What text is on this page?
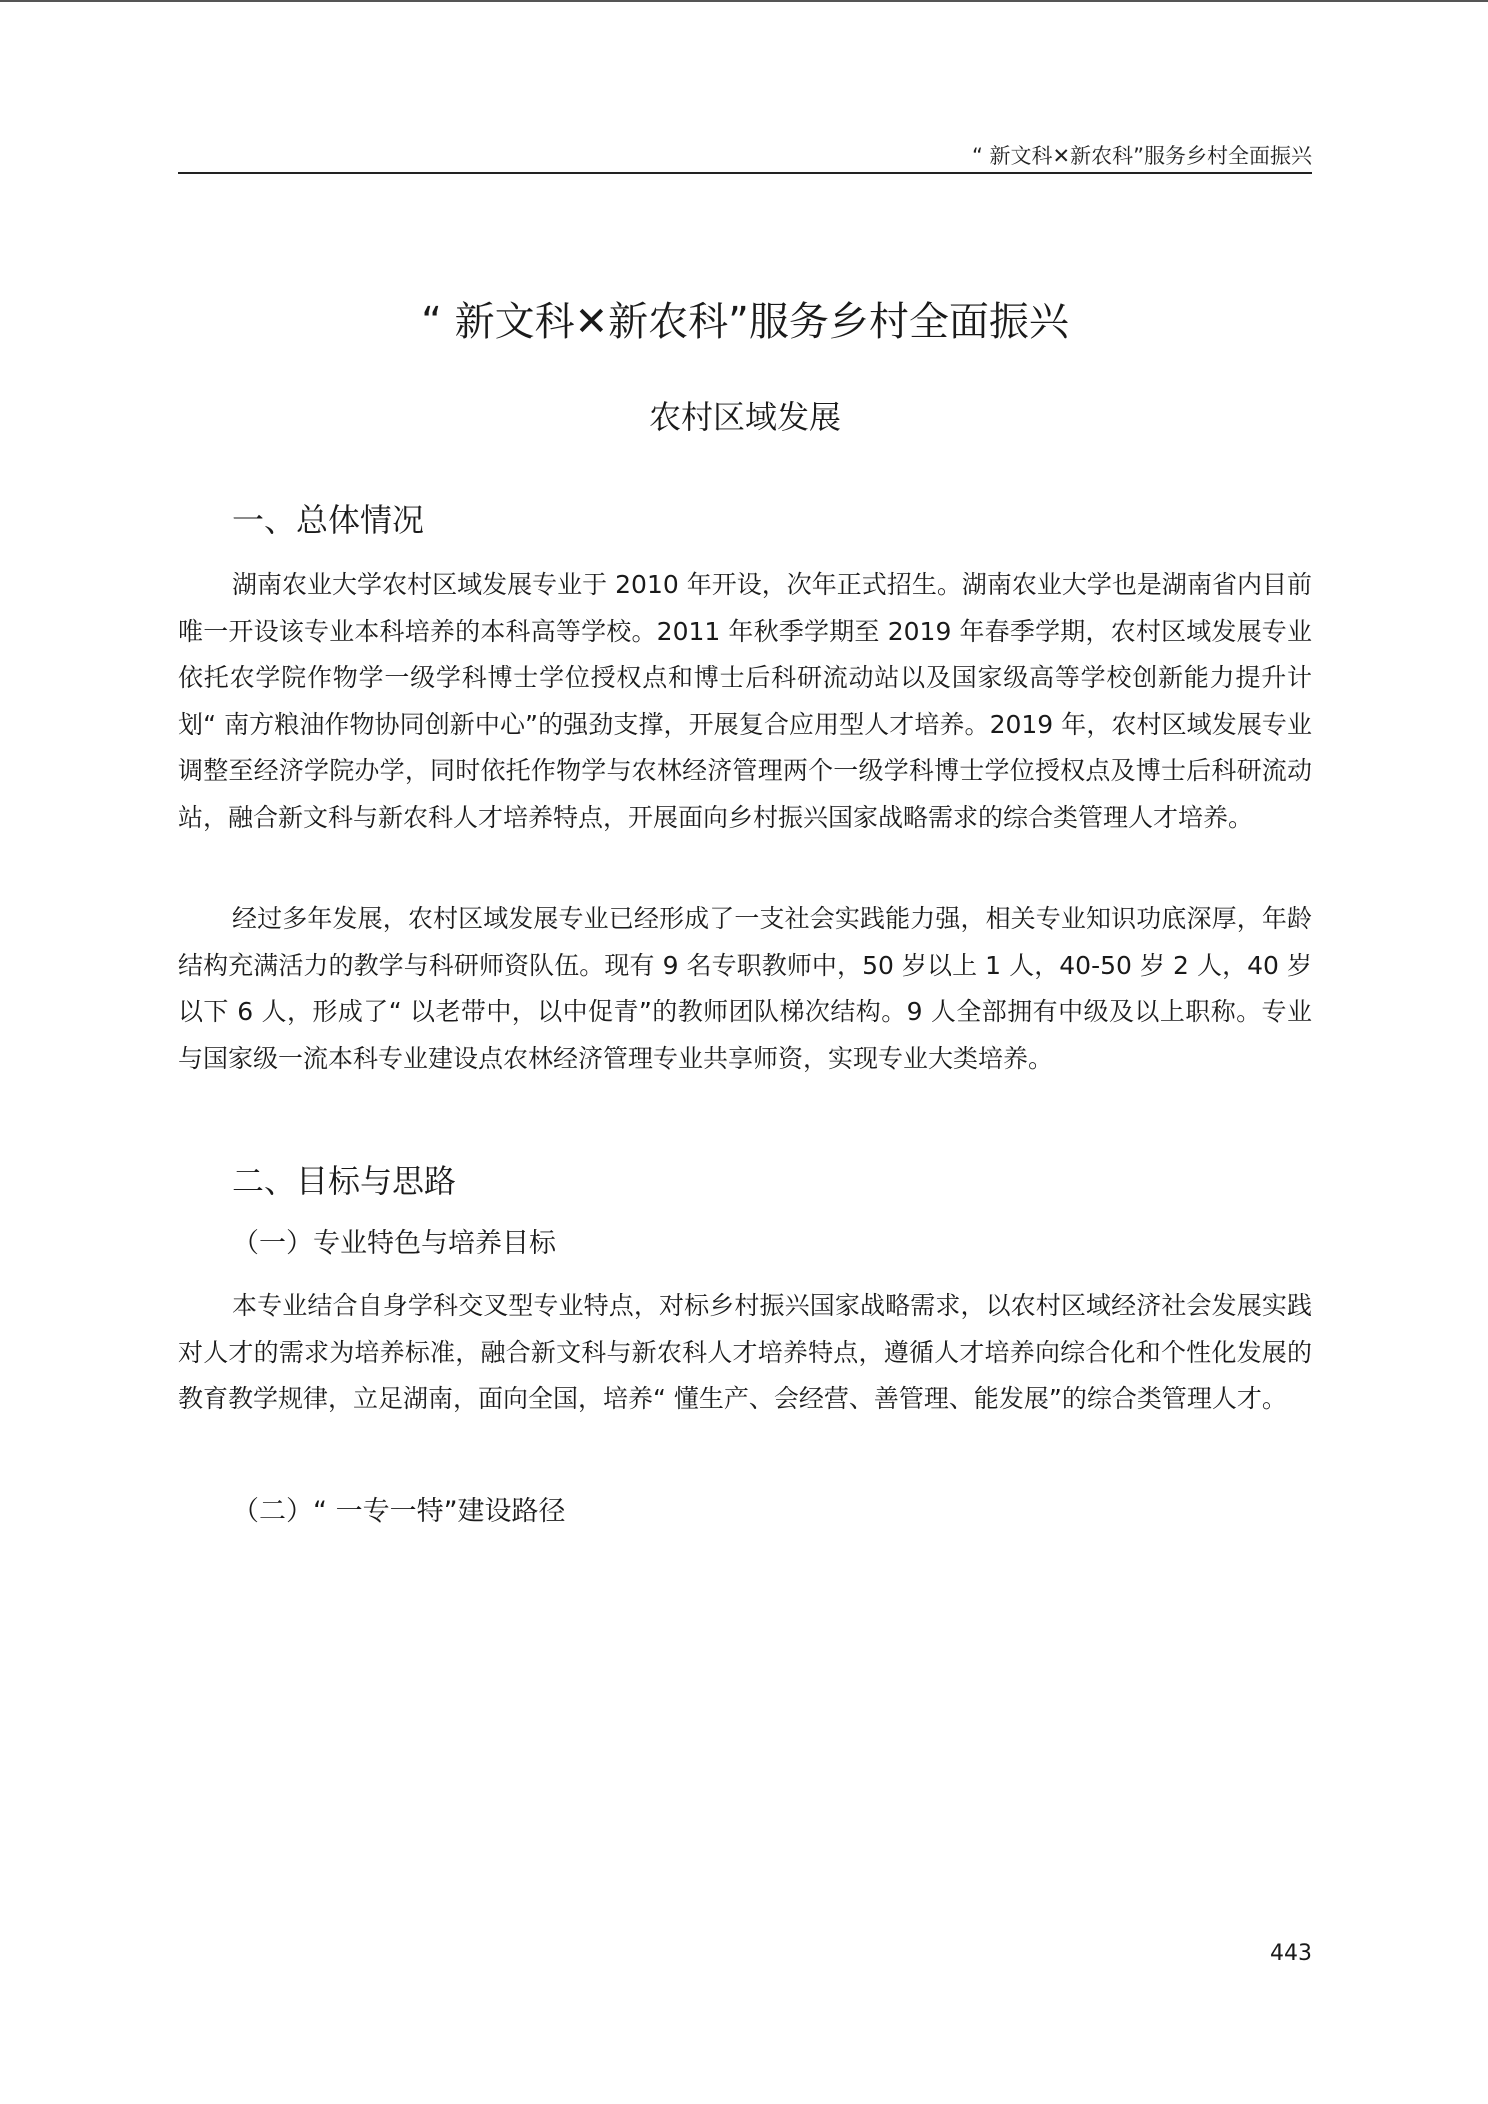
“ 新文科✕新农科”服务乡村全面振兴
“ 新文科✕新农科”服务乡村全面振兴
农村区域发展
一、总体情况

湖南农业大学农村区域发展专业于 2010 年开设，次年正式招生。湖南农业大学也是湖南省内目前唯一开设该专业本科培养的本科高等学校。2011 年秋季学期至 2019 年春季学期，农村区域发展专业依托农学院作物学一级学科博士学位授权点和博士后科研流动站以及国家级高等学校创新能力提升计划“ 南方粮油作物协同创新中心”的强劲支撑，开展复合应用型人才培养。2019 年，农村区域发展专业调整至经济学院办学，同时依托作物学与农林经济管理两个一级学科博士学位授权点及博士后科研流动站，融合新文科与新农科人才培养特点，开展面向乡村振兴国家战略需求的综合类管理人才培养。

经过多年发展，农村区域发展专业已经形成了一支社会实践能力强，相关专业知识功底深厚，年龄结构充满活力的教学与科研师资队伍。现有 9 名专职教师中，50 岁以上 1 人，40-50 岁 2 人，40 岁以下 6 人，形成了“ 以老带中，以中促青”的教师团队梯次结构。9 人全部拥有中级及以上职称。专业与国家级一流本科专业建设点农林经济管理专业共享师资，实现专业大类培养。

二、目标与思路
（一）专业特色与培养目标

本专业结合自身学科交叉型专业特点，对标乡村振兴国家战略需求，以农村区域经济社会发展实践对人才的需求为培养标准，融合新文科与新农科人才培养特点，遵循人才培养向综合化和个性化发展的教育教学规律，立足湖南，面向全国，培养“ 懂生产、会经营、善管理、能发展”的综合类管理人才。

（二）“ 一专一特”建设路径
443
